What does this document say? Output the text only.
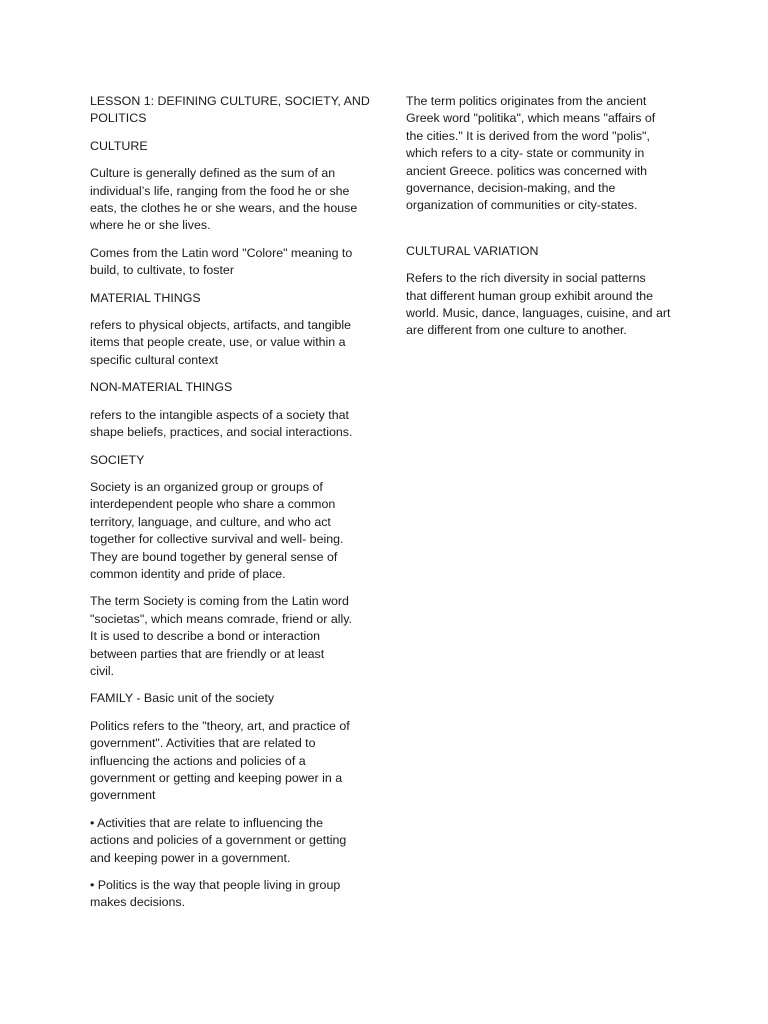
LESSON 1: DEFINING CULTURE, SOCIETY, AND
POLITICS

CULTURE

Culture is generally defined as the sum of an
individual’s life, ranging from the food he or she
eats, the clothes he or she wears, and the house
where he or she lives.

Comes from the Latin word "Colore" meaning to
build, to cultivate, to foster

MATERIAL THINGS

refers to physical objects, artifacts, and tangible
items that people create, use, or value within a
specific cultural context

NON-MATERIAL THINGS

refers to the intangible aspects of a society that
shape beliefs, practices, and social interactions.

SOCIETY

Society is an organized group or groups of
interdependent people who share a common
territory, language, and culture, and who act
together for collective survival and well- being.
They are bound together by general sense of
common identity and pride of place.

The term Society is coming from the Latin word
"societas", which means comrade, friend or ally.
It is used to describe a bond or interaction
between parties that are friendly or at least
civil.

FAMILY - Basic unit of the society

Politics refers to the "theory, art, and practice of
government". Activities that are related to
influencing the actions and policies of a
government or getting and keeping power in a
government

• Activities that are relate to influencing the
actions and policies of a government or getting
and keeping power in a government.

• Politics is the way that people living in group
makes decisions.

The term politics originates from the ancient
Greek word "politika", which means "affairs of
the cities." It is derived from the word "polis",
which refers to a city- state or community in
ancient Greece. politics was concerned with
governance, decision-making, and the
organization of communities or city-states.

CULTURAL VARIATION

Refers to the rich diversity in social patterns
that different human group exhibit around the
world. Music, dance, languages, cuisine, and art
are different from one culture to another.
